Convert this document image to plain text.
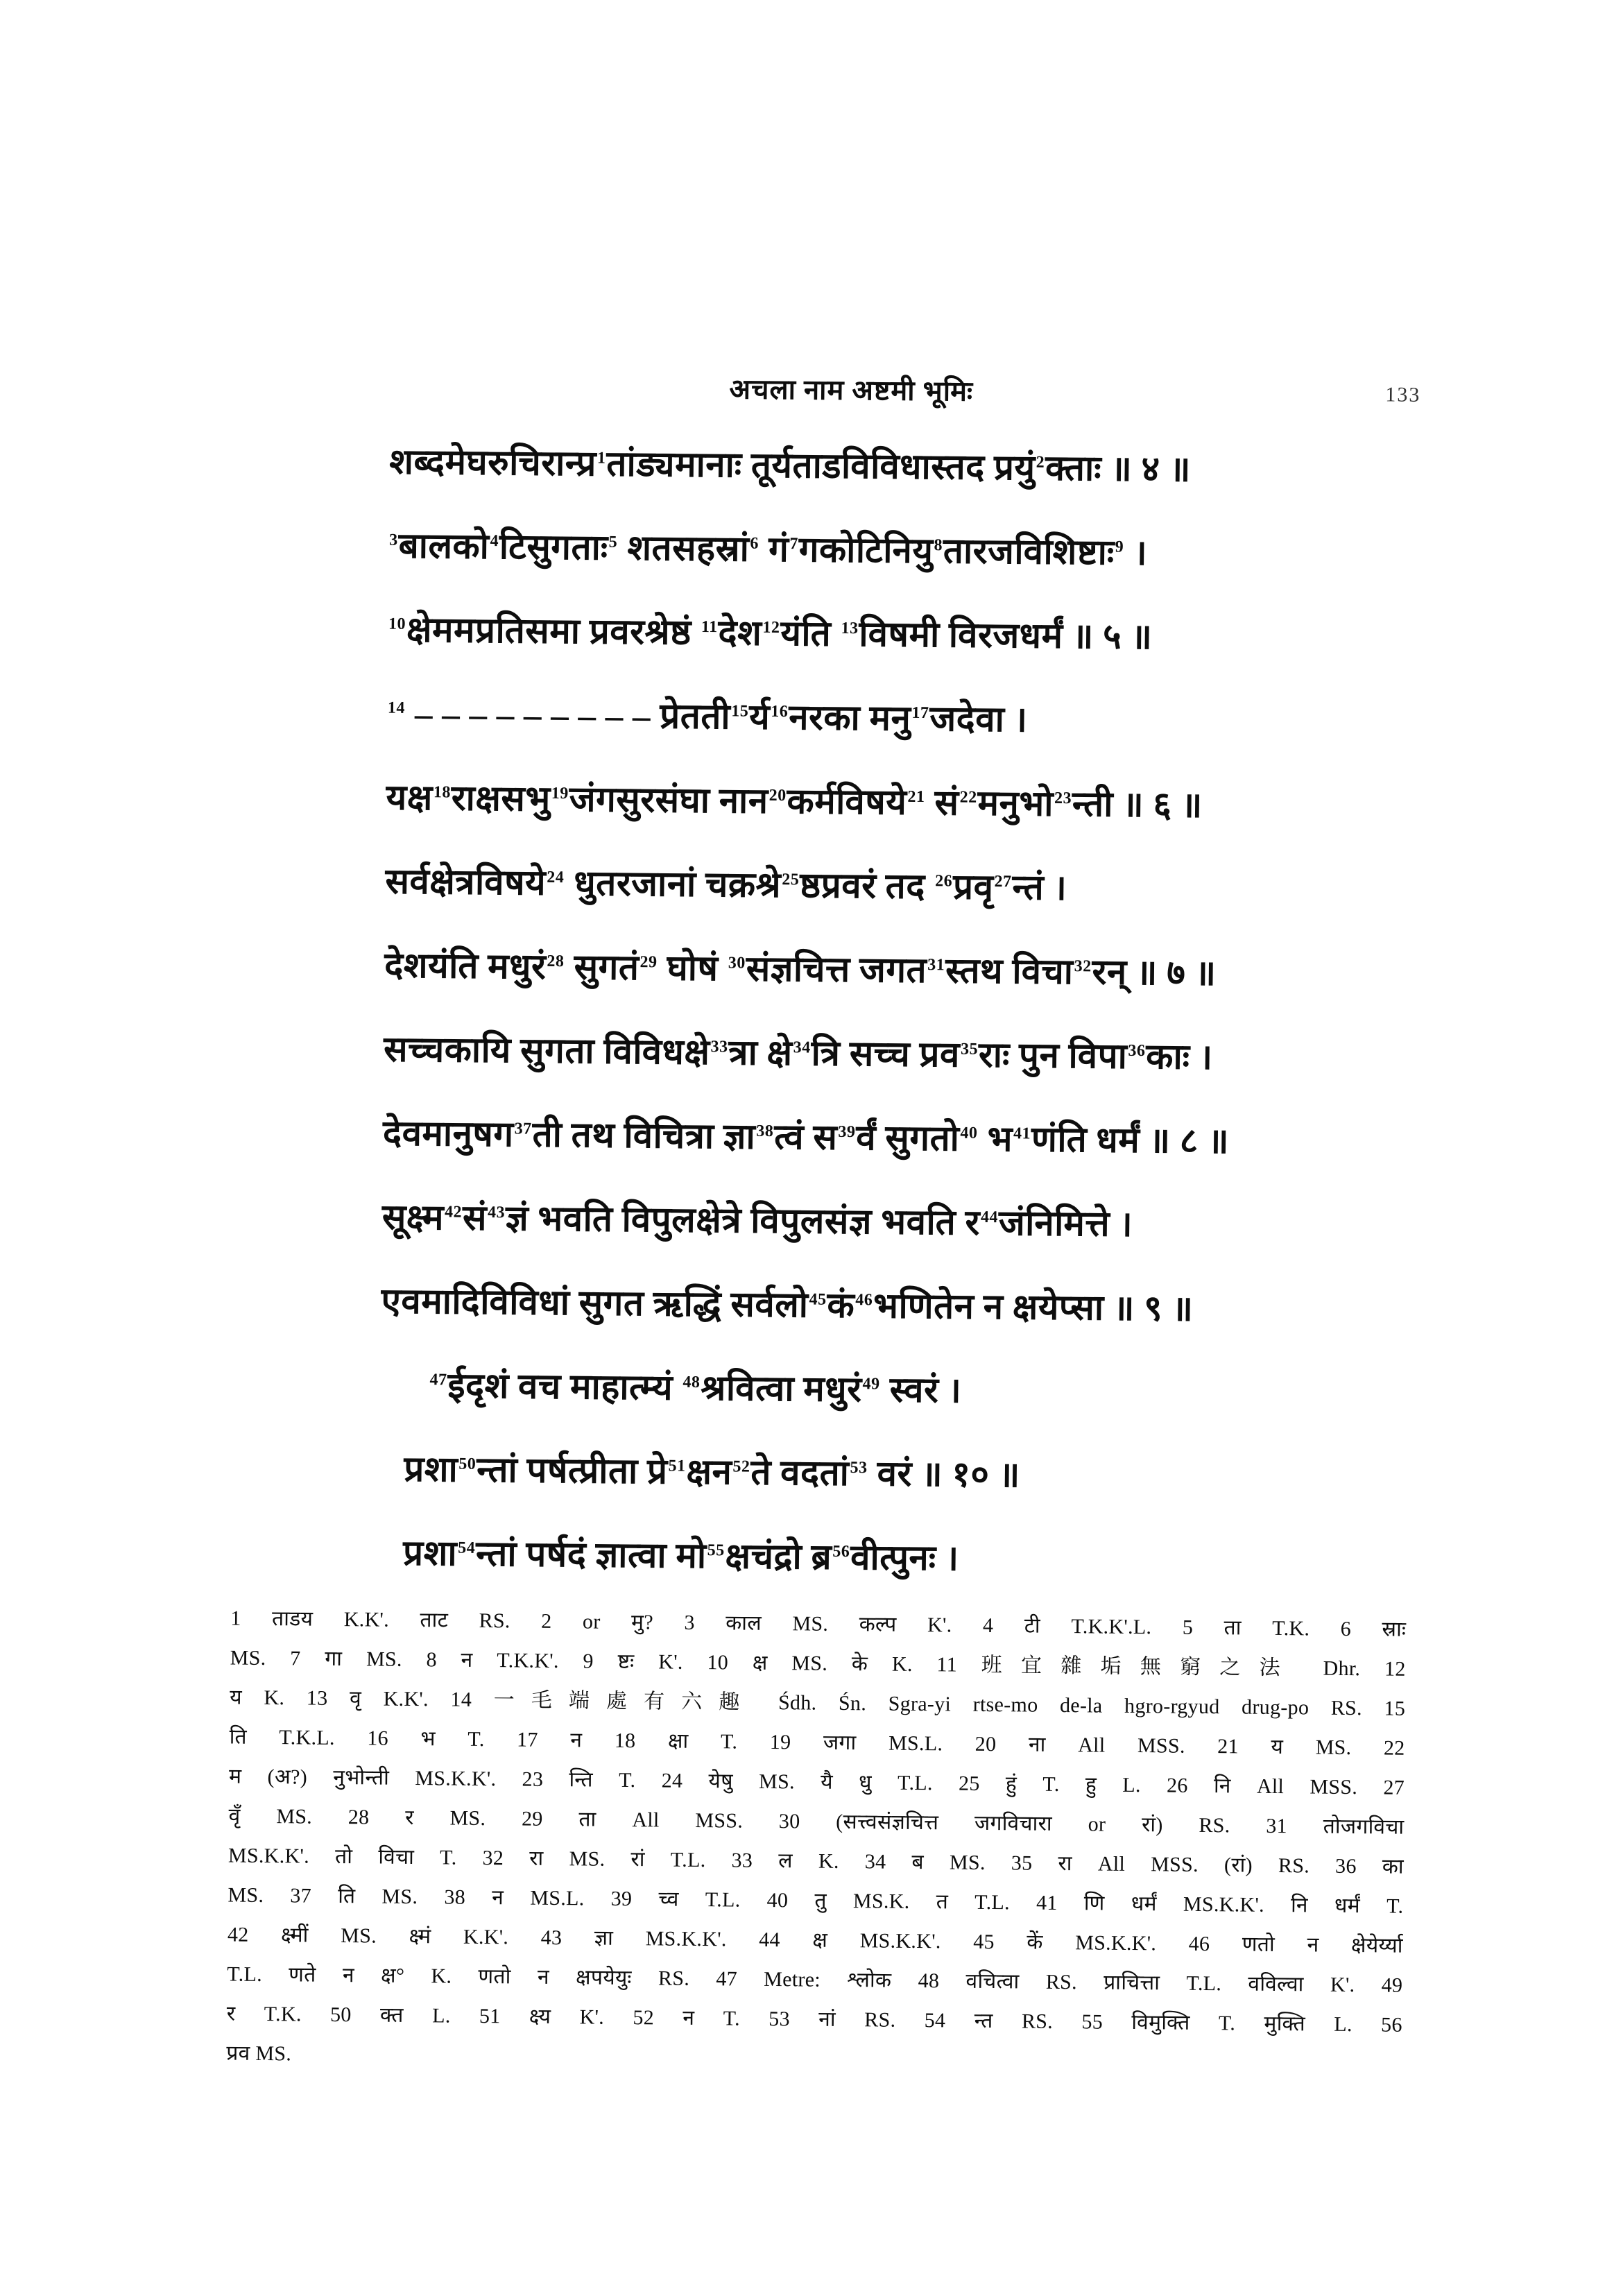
अचला नाम अष्टमी भूमिः	133
शब्दमेघरुचिरान्प्र$^1$तांड्यमानाः तूर्यताडविविधास्तद प्रयुं$^2$क्ताः ॥ ४ ॥
$^3$बालको$^4$टिसुगताः$^5$ शतसहस्रां$^6$ गं$^7$गकोटिनियु$^8$तारजविशिष्टाः$^9$ ।
$^{10}$क्षेममप्रतिसमा प्रवरश्रेष्ठं $^{11}$देश$^{12}$यंति $^{13}$विषमी विरजधर्मं ॥ ५ ॥
$^{14}$ – – – – – – – – – प्रेतती$^{15}$र्य$^{16}$नरका मनु$^{17}$जदेवा ।
यक्ष$^{18}$राक्षसभु$^{19}$जंगसुरसंघा नान$^{20}$कर्मविषये$^{21}$ सं$^{22}$मनुभो$^{23}$न्ती ॥ ६ ॥
सर्वक्षेत्रविषये$^{24}$ धुतरजानां चक्रश्रे$^{25}$ष्ठप्रवरं तद $^{26}$प्रवृ$^{27}$न्तं ।
देशयंति मधुरं$^{28}$ सुगतं$^{29}$ घोषं $^{30}$संज्ञचित्त जगत$^{31}$स्तथ विचा$^{32}$रन् ॥ ७ ॥
सच्चकायि सुगता विविधक्षे$^{33}$त्रा क्षे$^{34}$त्रि सच्च प्रव$^{35}$राः पुन विपा$^{36}$काः ।
देवमानुषग$^{37}$ती तथ विचित्रा ज्ञा$^{38}$त्वं स$^{39}$र्वं सुगतो$^{40}$ भ$^{41}$णंति धर्मं ॥ ८ ॥
सूक्ष्म$^{42}$सं$^{43}$ज्ञं भवति विपुलक्षेत्रे विपुलसंज्ञ भवति र$^{44}$जंनिमित्ते ।
एवमादिविविधां सुगत ऋद्धिं सर्वलो$^{45}$कं$^{46}$भणितेन न क्षयेप्सा ॥ ९ ॥
$^{47}$ईदृशं वच माहात्म्यं $^{48}$श्रवित्वा मधुरं$^{49}$ स्वरं ।
प्रशा$^{50}$न्तां पर्षत्प्रीता प्रे$^{51}$क्षन$^{52}$ते वदतां$^{53}$ वरं ॥ १० ॥
प्रशा$^{54}$न्तां पर्षदं ज्ञात्वा मो$^{55}$क्षचंद्रो ब्र$^{56}$वीत्पुनः ।
1 ताडय K.K'. ताट RS. 2 or मु? 3 काल MS. कल्प K'. 4 टी T.K.K'.L. 5 ता T.K. 6 स्राः
MS. 7 गा MS. 8 न T.K.K'. 9 ष्टः K'. 10 क्ष MS. के K. 11 班宜雜垢無窮之法 Dhr. 12
य K. 13 वृ K.K'. 14 一毛端處有六趣 Śdh. Śn. Sgra-yi rtse-mo de-la hgro-rgyud drug-po RS. 15
ति T.K.L. 16 भ T. 17 न 18 क्षा T. 19 जगा MS.L. 20 ना All MSS. 21 य MS. 22
म (अ?) नुभोन्ती MS.K.K'. 23 न्ति T. 24 येषु MS. यै धु T.L. 25 हुं T. हु L. 26 नि All MSS. 27
वृँ MS. 28 र MS. 29 ता All MSS. 30 (सत्त्वसंज्ञचित्त जगविचारा or रां) RS. 31 तोजगविचा
MS.K.K'. तो विचा T. 32 रा MS. रां T.L. 33 ल K. 34 ब MS. 35 रा All MSS. (रां) RS. 36 का
MS. 37 ति MS. 38 न MS.L. 39 च्व T.L. 40 तु MS.K. त T.L. 41 णि धर्मं MS.K.K'. नि धर्मं T.
42 क्ष्मीं MS. क्ष्मं K.K'. 43 ज्ञा MS.K.K'. 44 क्ष MS.K.K'. 45 कें MS.K.K'. 46 णतो न क्षेयेर्य्या
T.L. णते न क्ष° K. णतो न क्षपयेयुः RS. 47 Metre: श्लोक 48 वचित्वा RS. प्राचित्ता T.L. वविल्वा K'. 49
र T.K. 50 क्त L. 51 क्ष्य K'. 52 न T. 53 नां RS. 54 न्त RS. 55 विमुक्ति T. मुक्ति L. 56
प्रव MS.
